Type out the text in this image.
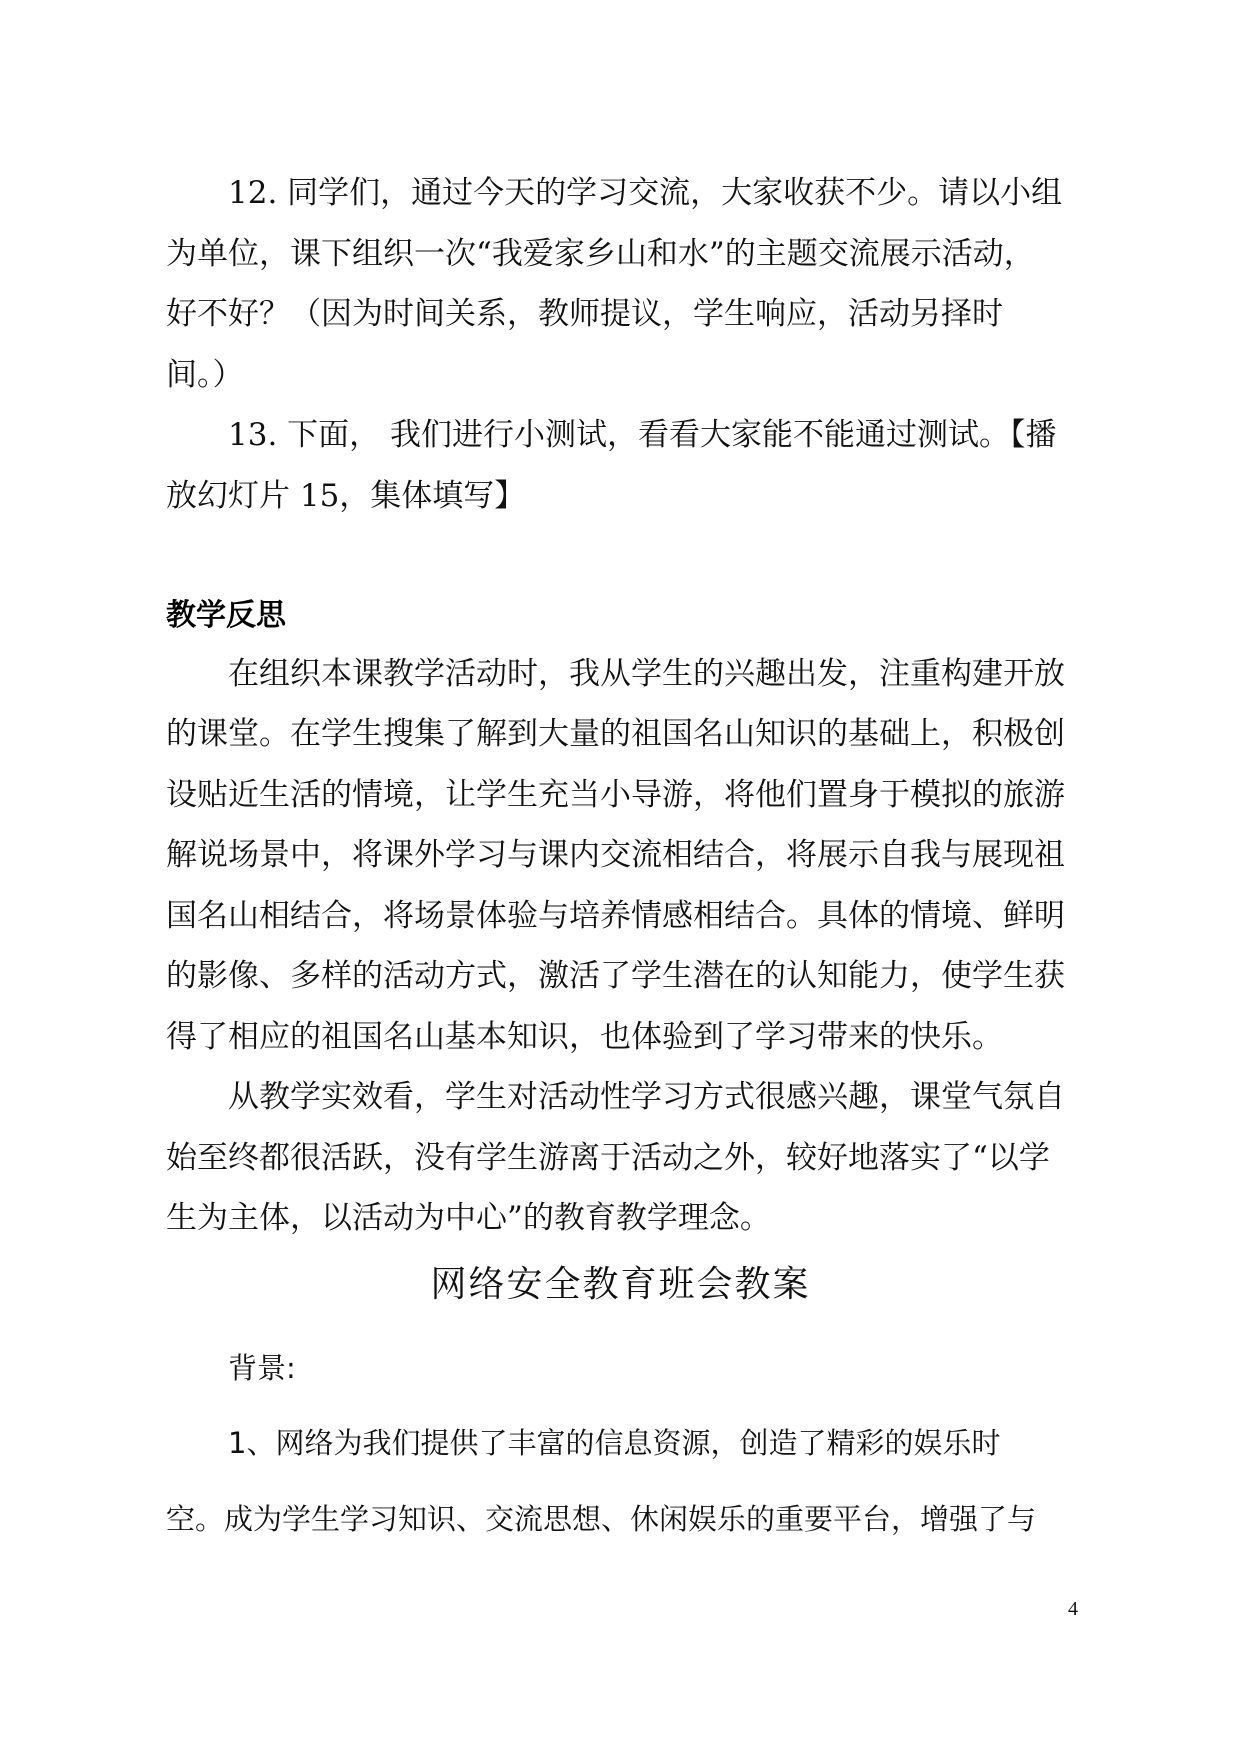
12. 同学们，通过今天的学习交流，大家收获不少。请以小组
为单位，课下组织一次“我爱家乡山和水”的主题交流展示活动，
好不好？（因为时间关系，教师提议，学生响应，活动另择时
间。）
13. 下面， 我们进行小测试，看看大家能不能通过测试。【播
放幻灯片 15，集体填写】
教学反思
在组织本课教学活动时，我从学生的兴趣出发，注重构建开放
的课堂。在学生搜集了解到大量的祖国名山知识的基础上，积极创
设贴近生活的情境，让学生充当小导游，将他们置身于模拟的旅游
解说场景中，将课外学习与课内交流相结合，将展示自我与展现祖
国名山相结合，将场景体验与培养情感相结合。具体的情境、鲜明
的影像、多样的活动方式，激活了学生潜在的认知能力，使学生获
得了相应的祖国名山基本知识，也体验到了学习带来的快乐。
从教学实效看，学生对活动性学习方式很感兴趣，课堂气氛自
始至终都很活跃，没有学生游离于活动之外，较好地落实了“以学
生为主体，以活动为中心”的教育教学理念。
网络安全教育班会教案
背景:
1、网络为我们提供了丰富的信息资源，创造了精彩的娱乐时
空。成为学生学习知识、交流思想、休闲娱乐的重要平台，增强了与
4
